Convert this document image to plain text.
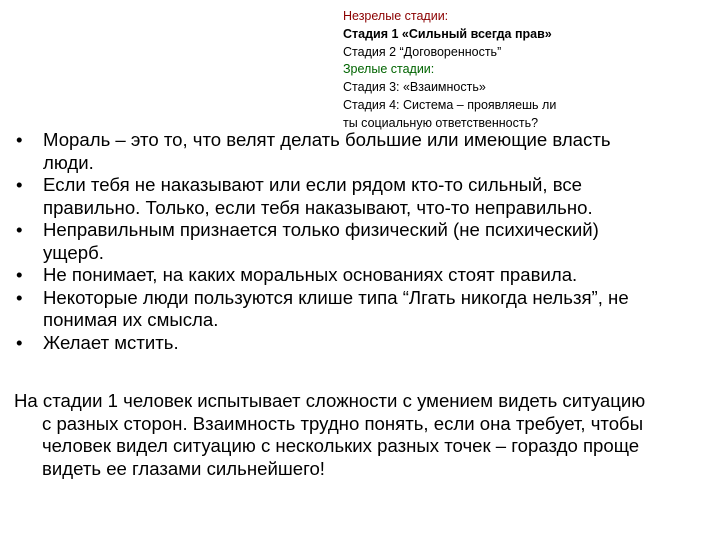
Незрелые стадии:
Стадия 1 «Сильный всегда прав»
Стадия 2 “Договоренность”
Зрелые стадии:
Стадия 3: «Взаимность»
Стадия 4: Система – проявляешь ли
ты социальную ответственность?
• Мораль – это то, что велят делать большие или имеющие власть
люди.
• Если тебя не наказывают или если рядом кто-то сильный, все
правильно. Только, если тебя наказывают, что-то неправильно.
• Неправильным признается только физический (не психический)
ущерб.
• Не понимает, на каких моральных основаниях стоят правила.
• Некоторые люди пользуются клише типа “Лгать никогда нельзя”, не
понимая их смысла.
• Желает мстить.
На стадии 1 человек испытывает сложности с умением видеть ситуацию
с разных сторон. Взаимность трудно понять, если она требует, чтобы
человек видел ситуацию с нескольких разных точек – гораздо проще
видеть ее глазами сильнейшего!
